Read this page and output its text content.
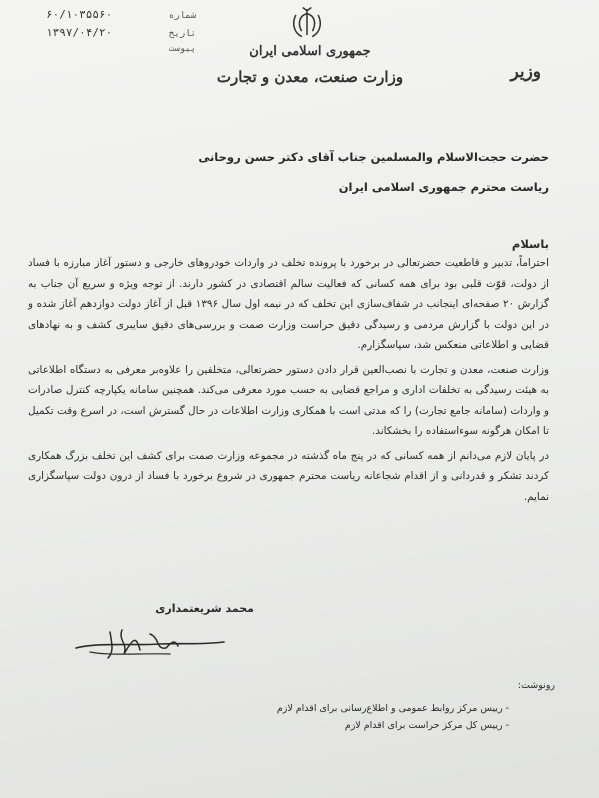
۶۰/۱۰۳۵۵۶۰	شماره
۱۳۹۷/۰۴/۲۰	تاریخ
پیوست	جمهوری اسلامی ایران
وزارت صنعت، معدن و تجارت	وزیر
حضرت حجت‌الاسلام والمسلمین جناب آقای دکتر حسن روحانی
ریاست محترم جمهوری اسلامی ایران
باسلام

احتراماً، تدبیر و قاطعیت حضرتعالی در برخورد با پرونده تخلف در واردات خودروهای خارجی و دستور آغاز مبارزه با فساد از دولت، قوّت قلبی بود برای همه کسانی که فعالیت سالم اقتصادی در کشور دارند. از توجه ویژه و سریع آن جناب به گزارش ۲۰ صفحه‌ای اینجانب در شفاف‌سازی این تخلف که در نیمه اول سال ۱۳۹۶ قبل از آغاز دولت دوازدهم آغاز شده و در این دولت با گزارش مردمی و رسیدگی دقیق حراست وزارت صمت و بررسی‌های دقیق سایبری کشف و به نهادهای قضایی و اطلاعاتی منعکس شد، سپاسگزارم.

وزارت صنعت، معدن و تجارت با نصب‌العین قرار دادن دستور حضرتعالی، متخلفین را علاوه‌بر معرفی به دستگاه اطلاعاتی به هیئت رسیدگی به تخلفات اداری و مراجع قضایی به حسب مورد معرفی می‌کند. همچنین سامانه یکپارچه کنترل صادرات و واردات (سامانه جامع تجارت) را که مدتی است با همکاری وزارت اطلاعات در حال گسترش است، در اسرع وقت تکمیل تا امکان هرگونه سوءاستفاده را بخشکاند.

در پایان لازم می‌دانم از همه کسانی که در پنج ماه گذشته در مجموعه وزارت صمت برای کشف این تخلف بزرگ همکاری کردند تشکر و قدردانی و از اقدام شجاعانه ریاست محترم جمهوری در شروع برخورد با فساد از درون دولت سپاسگزاری نمایم.

محمد شریعتمداری
رونوشت:
- رییس مرکز روابط عمومی و اطلاع‌رسانی برای اقدام لازم
- رییس کل مرکز حراست برای اقدام لازم
